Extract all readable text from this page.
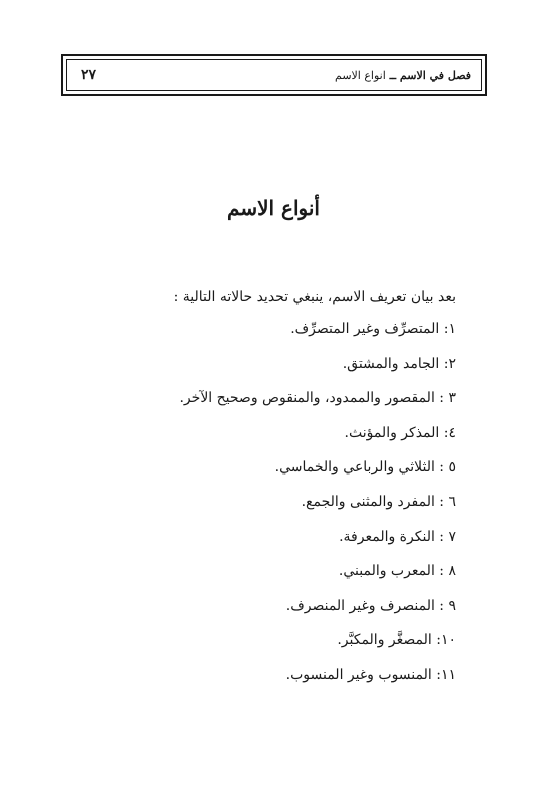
فصل في الاسم ــ انواع الاسم
٢٧
أنواع الاسم

بعد بيان تعريف الاسم، ينبغي تحديد حالاته التالية :

١: المتصرِّف وغير المتصرِّف.
٢: الجامد والمشتق.
٣ : المقصور والممدود، والمنقوص وصحيح الآخر.
٤: المذكر والمؤنث.
٥ : الثلاثي والرباعي والخماسي.
٦ : المفرد والمثنى والجمع.
٧ : النكرة والمعرفة.
٨ : المعرب والمبني.
٩ : المنصرف وغير المنصرف.
١٠: المصغَّر والمكبَّر.
١١: المنسوب وغير المنسوب.
